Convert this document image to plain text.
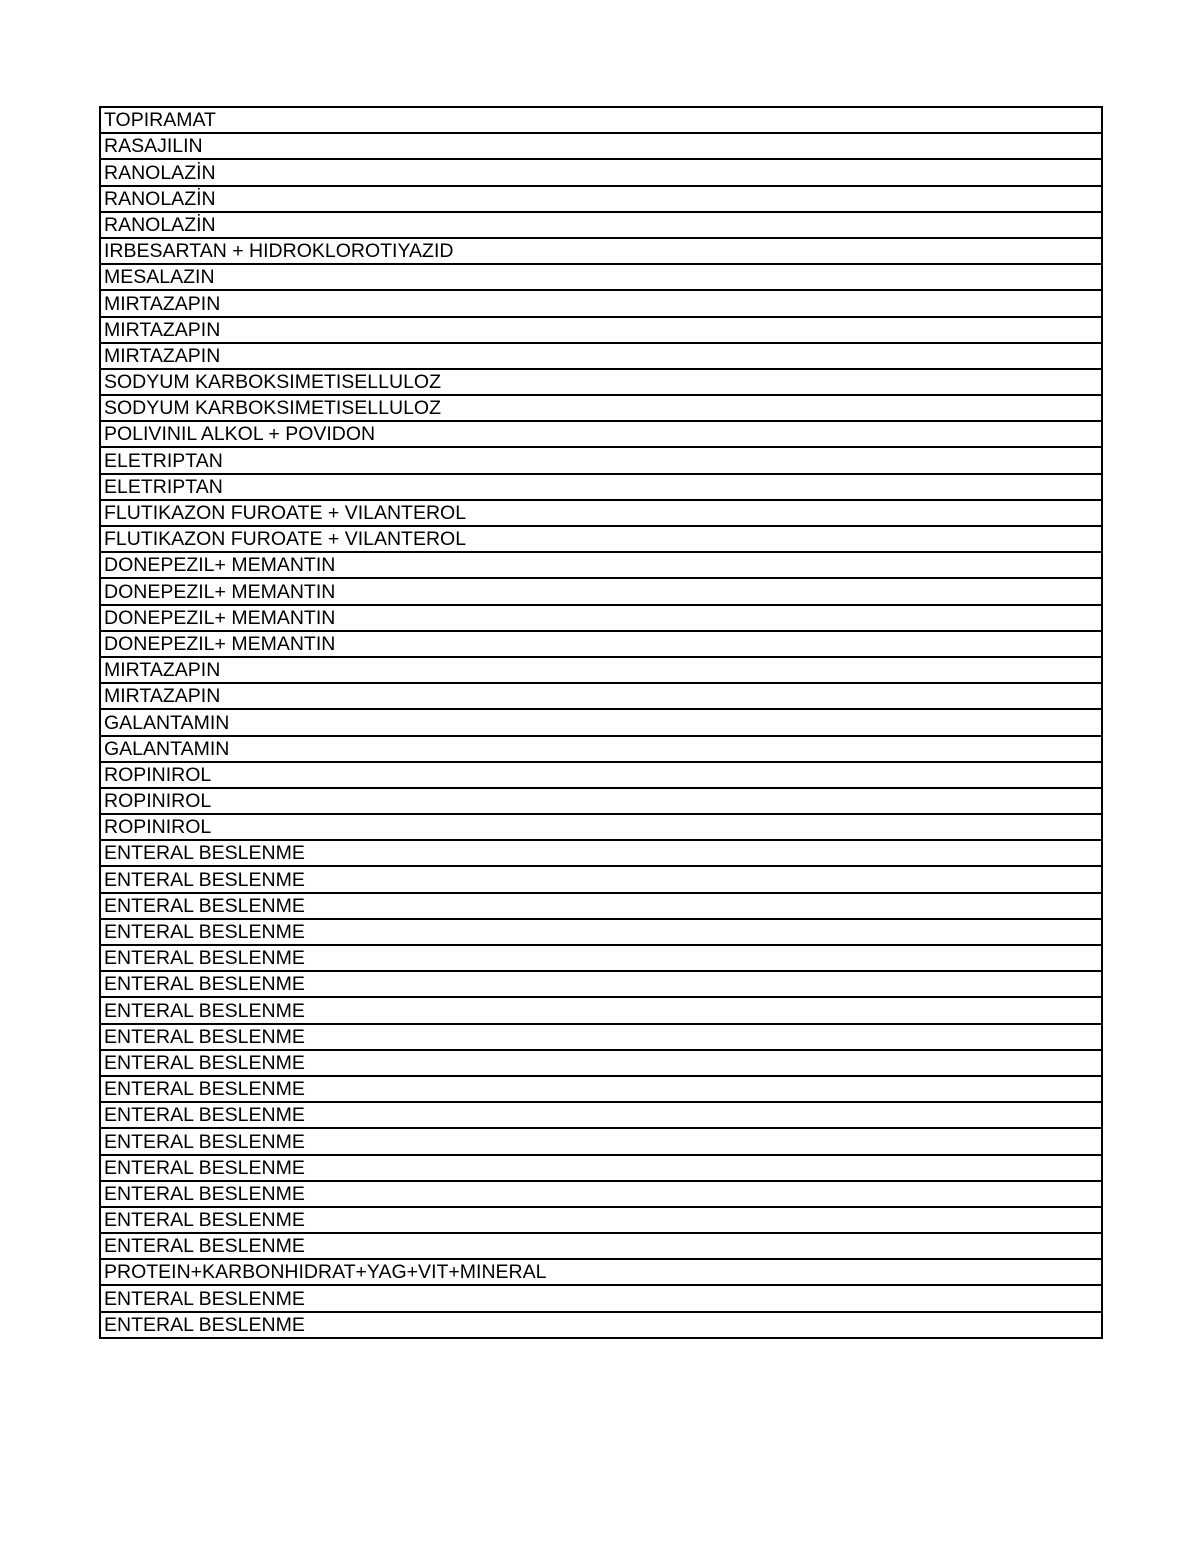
TOPIRAMAT
RASAJILIN
RANOLAZİN
RANOLAZİN
RANOLAZİN
IRBESARTAN + HIDROKLOROTIYAZID
MESALAZIN
MIRTAZAPIN
MIRTAZAPIN
MIRTAZAPIN
SODYUM KARBOKSIMETISELLULOZ
SODYUM KARBOKSIMETISELLULOZ
POLIVINIL ALKOL + POVIDON
ELETRIPTAN
ELETRIPTAN
FLUTIKAZON FUROATE + VILANTEROL
FLUTIKAZON FUROATE + VILANTEROL
DONEPEZIL+ MEMANTIN
DONEPEZIL+ MEMANTIN
DONEPEZIL+ MEMANTIN
DONEPEZIL+ MEMANTIN
MIRTAZAPIN
MIRTAZAPIN
GALANTAMIN
GALANTAMIN
ROPINIROL
ROPINIROL
ROPINIROL
ENTERAL BESLENME
ENTERAL BESLENME
ENTERAL BESLENME
ENTERAL BESLENME
ENTERAL BESLENME
ENTERAL BESLENME
ENTERAL BESLENME
ENTERAL BESLENME
ENTERAL BESLENME
ENTERAL BESLENME
ENTERAL BESLENME
ENTERAL BESLENME
ENTERAL BESLENME
ENTERAL BESLENME
ENTERAL BESLENME
ENTERAL BESLENME
PROTEIN+KARBONHIDRAT+YAG+VIT+MINERAL
ENTERAL BESLENME
ENTERAL BESLENME
